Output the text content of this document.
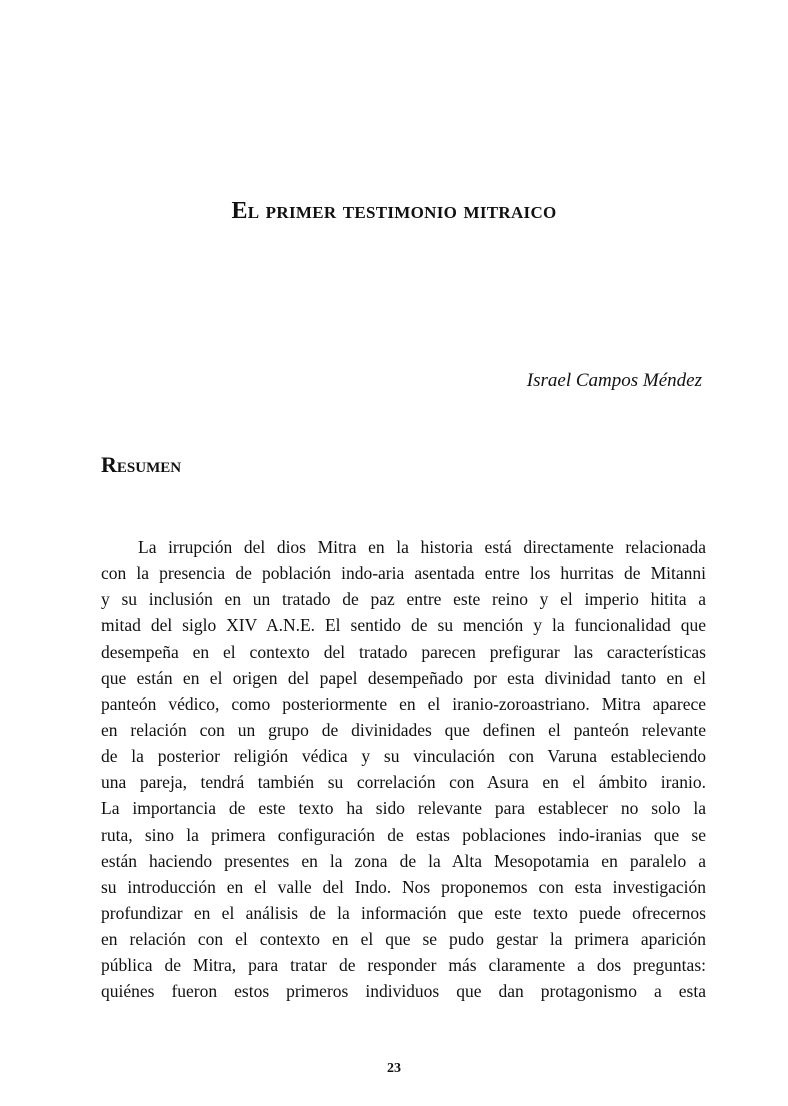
El primer testimonio mitraico

Israel Campos Méndez

Resumen
La irrupción del dios Mitra en la historia está directamente relacionada
con la presencia de población indo-aria asentada entre los hurritas de Mitanni
y su inclusión en un tratado de paz entre este reino y el imperio hitita a
mitad del siglo XIV A.N.E. El sentido de su mención y la funcionalidad que
desempeña en el contexto del tratado parecen prefigurar las características
que están en el origen del papel desempeñado por esta divinidad tanto en el
panteón védico, como posteriormente en el iranio-zoroastriano. Mitra aparece
en relación con un grupo de divinidades que definen el panteón relevante
de la posterior religión védica y su vinculación con Varuna estableciendo
una pareja, tendrá también su correlación con Asura en el ámbito iranio.
La importancia de este texto ha sido relevante para establecer no solo la
ruta, sino la primera configuración de estas poblaciones indo-iranias que se
están haciendo presentes en la zona de la Alta Mesopotamia en paralelo a
su introducción en el valle del Indo. Nos proponemos con esta investigación
profundizar en el análisis de la información que este texto puede ofrecernos
en relación con el contexto en el que se pudo gestar la primera aparición
pública de Mitra, para tratar de responder más claramente a dos preguntas:
quiénes fueron estos primeros individuos que dan protagonismo a esta

23
